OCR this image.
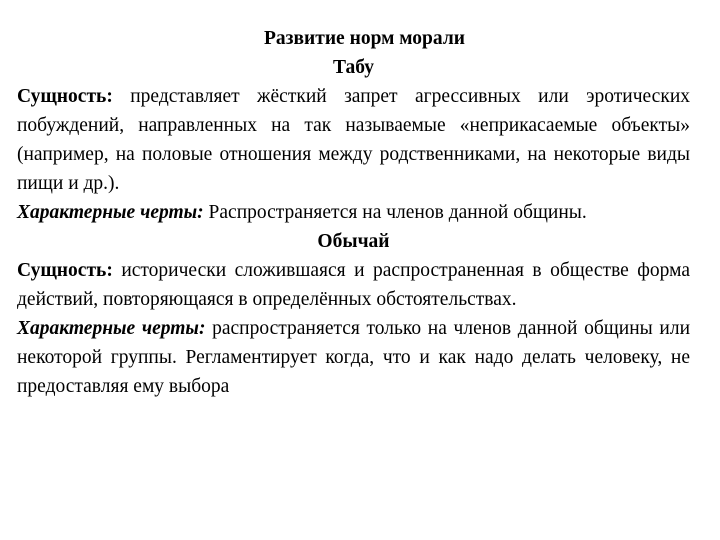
Развитие норм морали

Табу

Сущность: представляет жёсткий запрет агрессивных или эротических побуждений, направленных на так называемые «неприкасаемые объекты» (например, на половые отношения между родственниками, на некоторые виды пищи и др.).

Характерные черты: Распространяется на членов данной общины.

Обычай

Сущность: исторически сложившаяся и распространенная в обществе форма действий, повторяющаяся в определённых обстоятельствах.

Характерные черты: распространяется только на членов данной общины или некоторой группы. Регламентирует когда, что и как надо делать человеку, не предоставляя ему выбора
